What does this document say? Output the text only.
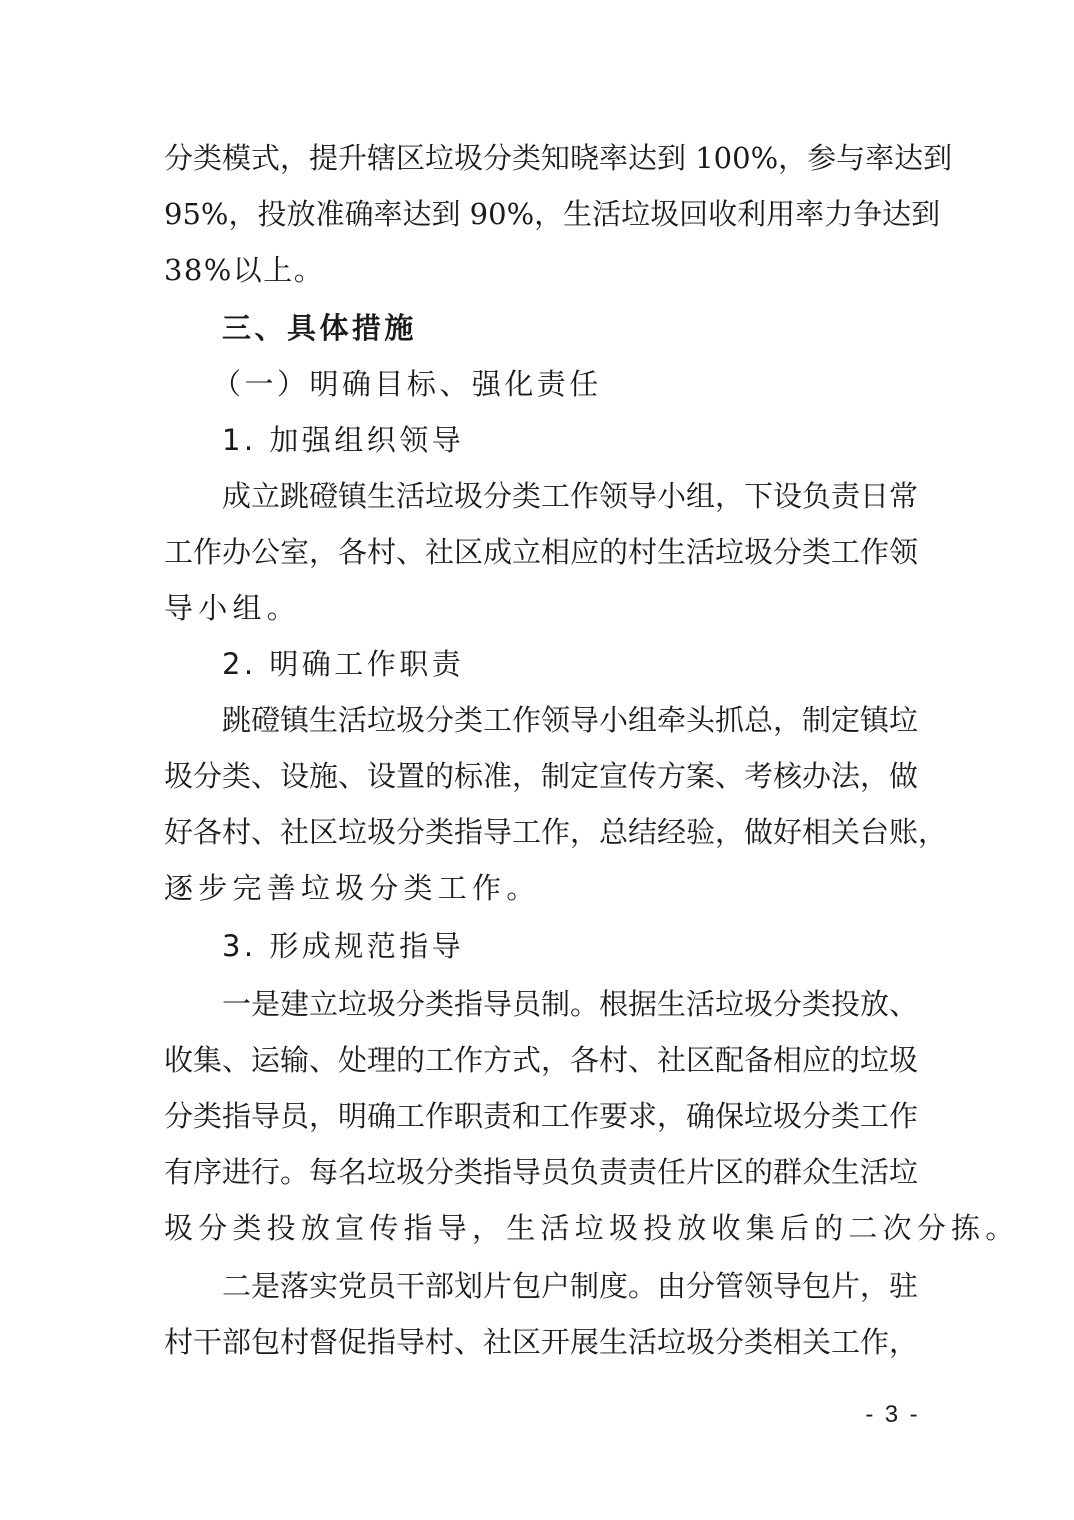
分类模式，提升辖区垃圾分类知晓率达到 100%，参与率达到
95%，投放准确率达到 90%，生活垃圾回收利用率力争达到
38%以上。
三、具体措施
（一）明确目标、强化责任
1. 加强组织领导
成立跳磴镇生活垃圾分类工作领导小组，下设负责日常
工作办公室，各村、社区成立相应的村生活垃圾分类工作领
导小组。
2. 明确工作职责
跳磴镇生活垃圾分类工作领导小组牵头抓总，制定镇垃
圾分类、设施、设置的标准，制定宣传方案、考核办法，做
好各村、社区垃圾分类指导工作，总结经验，做好相关台账，
逐步完善垃圾分类工作。
3. 形成规范指导
一是建立垃圾分类指导员制。根据生活垃圾分类投放、
收集、运输、处理的工作方式，各村、社区配备相应的垃圾
分类指导员，明确工作职责和工作要求，确保垃圾分类工作
有序进行。每名垃圾分类指导员负责责任片区的群众生活垃
圾分类投放宣传指导，生活垃圾投放收集后的二次分拣。
二是落实党员干部划片包户制度。由分管领导包片，驻
村干部包村督促指导村、社区开展生活垃圾分类相关工作，
- 3 -
